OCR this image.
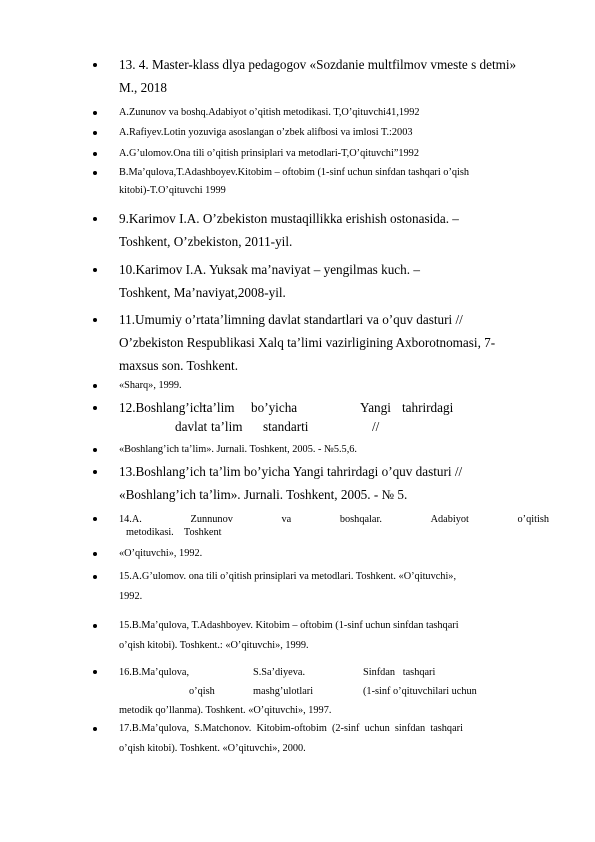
13. 4. Master-klass dlya pedagogov «Sozdanie multfilmov vmeste s detmi»
M., 2018
A.Zununov va boshq.Adabiyot o’qitish metodikasi. T,O’qituvchi41,1992
A.Rafiyev.Lotin yozuviga asoslangan o’zbek alifbosi va imlosi T.:2003
A.G’ulomov.Ona tili o’qitish prinsiplari va metodlari-T,O’qituvchi”1992
B.Ma’qulova,T.Adashboyev.Kitobim – oftobim (1-sinf uchun sinfdan tashqari o’qish
kitobi)-T.O’qituvchi 1999
9.Karimov I.A. O’zbekiston mustaqillikka erishish ostonasida. –
Toshkent, O’zbekiston, 2011-yil.
10.Karimov I.A. Yuksak ma’naviyat – yengilmas kuch. –
Toshkent, Ma’naviyat,2008-yil.
11.Umumiy o’rtata’limning davlat standartlari va o’quv dasturi //
O’zbekiston Respublikasi Xalq ta’limi vazirligining Axborotnomasi, 7-
maxsus son. Toshkent.
«Sharq», 1999.
12.Boshlang’ich
ta’lim	bo’yicha	Yangi tahrirdagi
davlat ta’lim	standarti	//
«Boshlang’ich ta’lim». Jurnali. Toshkent, 2005. - №5.5,6.
13.Boshlang’ich ta’lim bo’yicha Yangi tahrirdagi o’quv dasturi //
«Boshlang’ich ta’lim». Jurnali. Toshkent, 2005. - № 5.
14.A.	Zunnunov	va	boshqalar.	Adabiyot	o’qitish
metodikasi.    Toshkent
«O’qituvchi», 1992.
15.A.G’ulomov. ona tili o’qitish prinsiplari va metodlari. Toshkent. «O’qituvchi»,
1992.
15.B.Ma’qulova, T.Adashboyev. Kitobim – oftobim (1-sinf uchun sinfdan tashqari
o’qish kitobi). Toshkent.: «O’qituvchi», 1999.
16.B.Ma’qulova,	S.Sa’diyeva.	Sinfdan   tashqari
o’qish	mashg’ulotlari	(1-sinf o’qituvchilari uchun
metodik qo’llanma). Toshkent. «O’qituvchi», 1997.
17.B.Ma’qulova,  S.Matchonov.  Kitobim-oftobim  (2-sinf  uchun  sinfdan  tashqari
o’qish kitobi). Toshkent. «O’qituvchi», 2000.
